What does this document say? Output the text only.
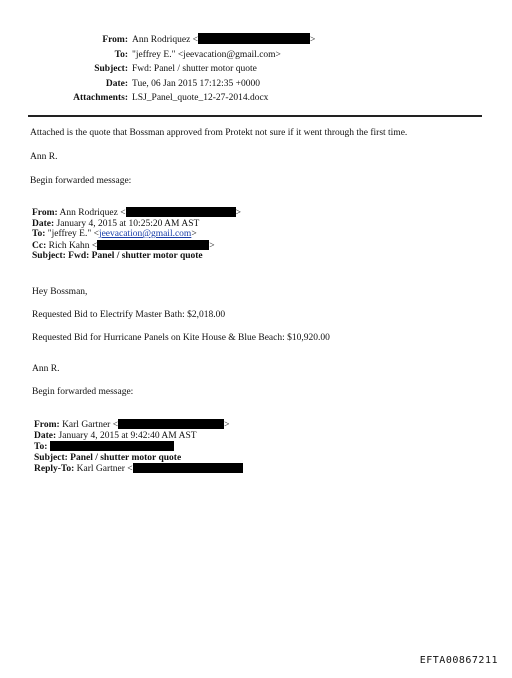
From: Ann Rodriquez <	>
To: "jeffrey E." <jeevacation@gmail.com>
Subject: Fwd: Panel / shutter motor quote
Date: Tue, 06 Jan 2015 17:12:35 +0000
Attachments: LSJ_Panel_quote_12-27-2014.docx
Attached is the quote that Bossman approved from Protekt not sure if it went through the first time.
Ann R.
Begin forwarded message:
From: Ann Rodriquez <	>
Date: January 4, 2015 at 10:25:20 AM AST
To: "jeffrey E." <jeevacation@gmail.com>
Cc: Rich Kahn <	>
Subject: Fwd: Panel / shutter motor quote
Hey Bossman,
Requested Bid to Electrify Master Bath: $2,018.00
Requested Bid for Hurricane Panels on Kite House & Blue Beach: $10,920.00
Ann R.
Begin forwarded message:
From: Karl Gartner <	>
Date: January 4, 2015 at 9:42:40 AM AST
To:
Subject: Panel / shutter motor quote
Reply-To: Karl Gartner <
EFTA00867211
